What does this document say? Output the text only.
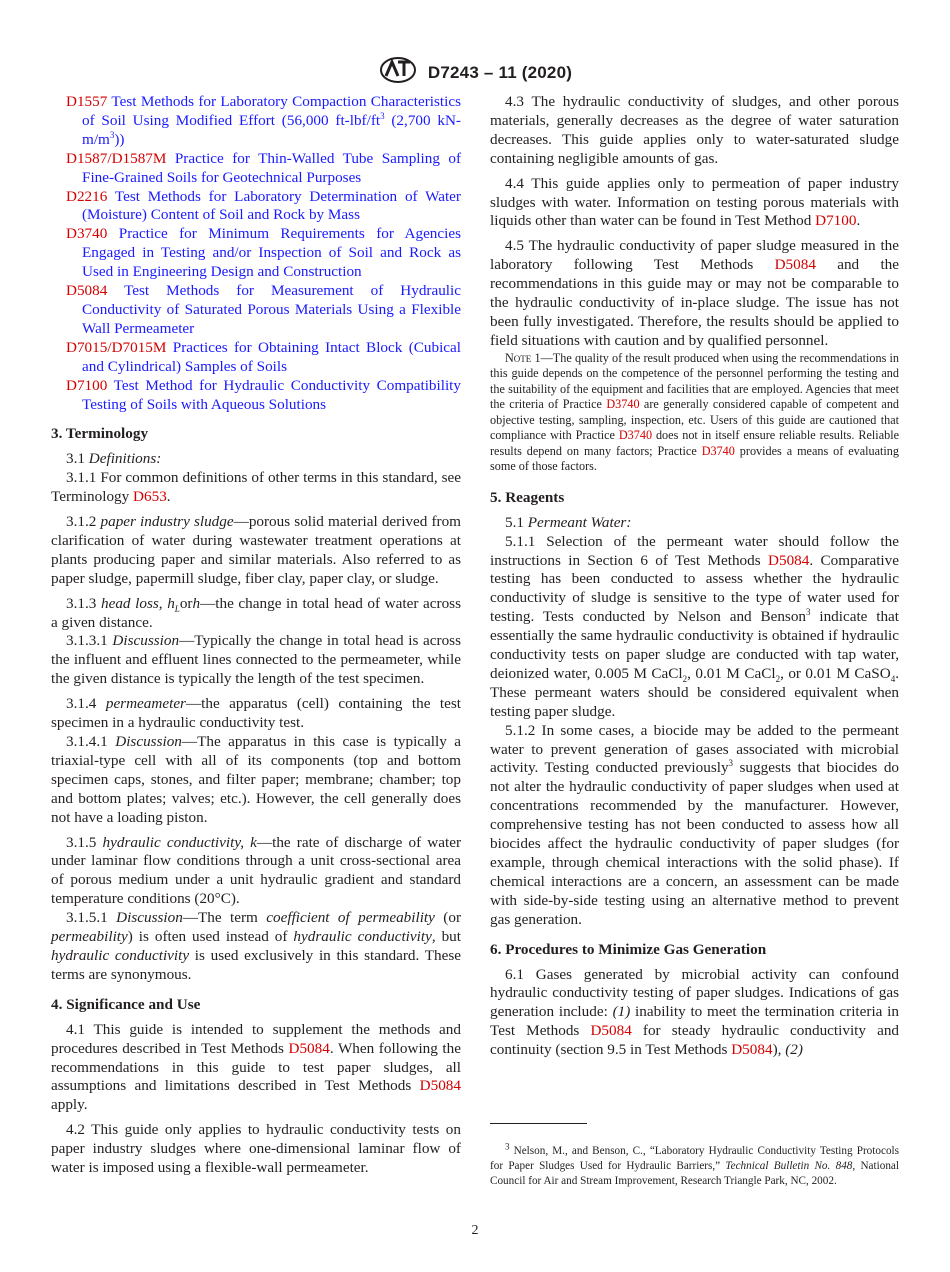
D7243 – 11 (2020)

D1557 Test Methods for Laboratory Compaction Characteristics of Soil Using Modified Effort (56,000 $ft-lbf/ft^3$ (2,700 $kN-m/m^3$))

D1587/D1587M Practice for Thin-Walled Tube Sampling of Fine-Grained Soils for Geotechnical Purposes

D2216 Test Methods for Laboratory Determination of Water (Moisture) Content of Soil and Rock by Mass

D3740 Practice for Minimum Requirements for Agencies Engaged in Testing and/or Inspection of Soil and Rock as Used in Engineering Design and Construction

D5084 Test Methods for Measurement of Hydraulic Conductivity of Saturated Porous Materials Using a Flexible Wall Permeameter

D7015/D7015M Practices for Obtaining Intact Block (Cubical and Cylindrical) Samples of Soils

D7100 Test Method for Hydraulic Conductivity Compatibility Testing of Soils with Aqueous Solutions

3. Terminology

3.1 Definitions:

3.1.1 For common definitions of other terms in this standard, see Terminology D653.

3.1.2 paper industry sludge—porous solid material derived from clarification of water during wastewater treatment operations at plants producing paper and similar materials. Also referred to as paper sludge, papermill sludge, fiber clay, paper clay, or sludge.

3.1.3 head loss, $h_Lorh—the$ change in total head of water across a given distance.

3.1.3.1 Discussion—Typically the change in total head is across the influent and effluent lines connected to the permeameter, while the given distance is typically the length of the test specimen.

3.1.4 permeameter—the apparatus (cell) containing the test specimen in a hydraulic conductivity test.

3.1.4.1 Discussion—The apparatus in this case is typically a triaxial-type cell with all of its components (top and bottom specimen caps, stones, and filter paper; membrane; chamber; top and bottom plates; valves; etc.). However, the cell generally does not have a loading piston.

3.1.5 hydraulic conductivity, k—the rate of discharge of water under laminar flow conditions through a unit cross-sectional area of porous medium under a unit hydraulic gradient and standard temperature conditions (20°C).

3.1.5.1 Discussion—The term coefficient of permeability (or permeability) is often used instead of hydraulic conductivity, but hydraulic conductivity is used exclusively in this standard. These terms are synonymous.

4. Significance and Use

4.1 This guide is intended to supplement the methods and procedures described in Test Methods D5084. When following the recommendations in this guide to test paper sludges, all assumptions and limitations described in Test Methods D5084 apply.

4.2 This guide only applies to hydraulic conductivity tests on paper industry sludges where one-dimensional laminar flow of water is imposed using a flexible-wall permeameter.

4.3 The hydraulic conductivity of sludges, and other porous materials, generally decreases as the degree of water saturation decreases. This guide applies only to water-saturated sludge containing negligible amounts of gas.

4.4 This guide applies only to permeation of paper industry sludges with water. Information on testing porous materials with liquids other than water can be found in Test Method D7100.

4.5 The hydraulic conductivity of paper sludge measured in the laboratory following Test Methods D5084 and the recommendations in this guide may or may not be comparable to the hydraulic conductivity of in-place sludge. The issue has not been fully investigated. Therefore, the results should be applied to field situations with caution and by qualified personnel.

Note 1—The quality of the result produced when using the recommendations in this guide depends on the competence of the personnel performing the testing and the suitability of the equipment and facilities that are employed. Agencies that meet the criteria of Practice D3740 are generally considered capable of competent and objective testing, sampling, inspection, etc. Users of this guide are cautioned that compliance with Practice D3740 does not in itself ensure reliable results. Reliable results depend on many factors; Practice D3740 provides a means of evaluating some of those factors.

5. Reagents

5.1 Permeant Water:

5.1.1 Selection of the permeant water should follow the instructions in Section 6 of Test Methods D5084. Comparative testing has been conducted to assess whether the hydraulic conductivity of sludge is sensitive to the type of water used for testing. Tests conducted by Nelson and Benson$^3$ indicate that essentially the same hydraulic conductivity is obtained if hydraulic conductivity tests on paper sludge are conducted with tap water, deionized water, 0.005 M CaCl$_2$, 0.01 M CaCl$_2$, or 0.01 M CaSO$_4$. These permeant waters should be considered equivalent when testing paper sludge.

5.1.2 In some cases, a biocide may be added to the permeant water to prevent generation of gases associated with microbial activity. Testing conducted previously$^3$ suggests that biocides do not alter the hydraulic conductivity of paper sludges when used at concentrations recommended by the manufacturer. However, comprehensive testing has not been conducted to assess how all biocides affect the hydraulic conductivity of paper sludges (for example, through chemical interactions with the solid phase). If chemical interactions are a concern, an assessment can be made with side-by-side testing using an alternative method to prevent gas generation.

6. Procedures to Minimize Gas Generation

6.1 Gases generated by microbial activity can confound hydraulic conductivity testing of paper sludges. Indications of gas generation include: (1) inability to meet the termination criteria in Test Methods D5084 for steady hydraulic conductivity and continuity (section 9.5 in Test Methods D5084), (2)

$^3$ Nelson, M., and Benson, C., “Laboratory Hydraulic Conductivity Testing Protocols for Paper Sludges Used for Hydraulic Barriers,” Technical Bulletin No. 848, National Council for Air and Stream Improvement, Research Triangle Park, NC, 2002.

2
